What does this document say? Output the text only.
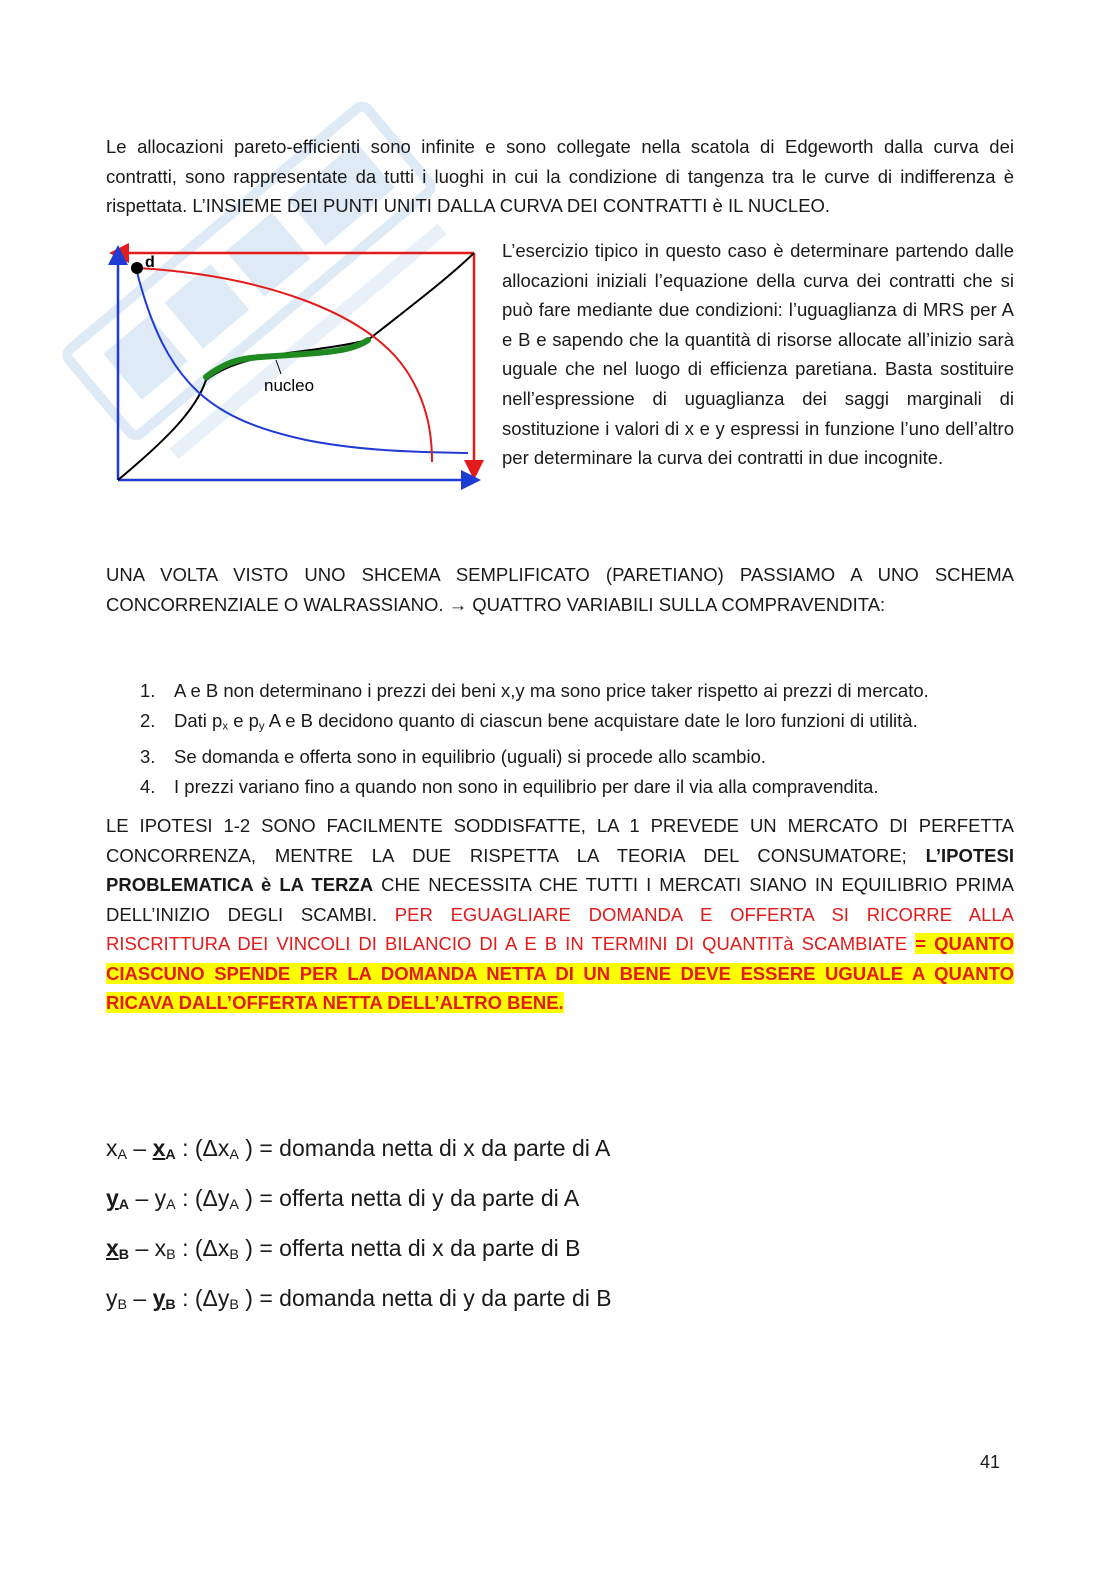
Le allocazioni pareto-efficienti sono infinite e sono collegate nella scatola di Edgeworth dalla curva dei contratti, sono rappresentate da tutti i luoghi in cui la condizione di tangenza tra le curve di indifferenza è rispettata. L’INSIEME DEI PUNTI UNITI DALLA CURVA DEI CONTRATTI è IL NUCLEO.

d
nucleo

L’esercizio tipico in questo caso è determinare partendo dalle allocazioni iniziali l’equazione della curva dei contratti che si può fare mediante due condizioni: l’uguaglianza di MRS per A e B e sapendo che la quantità di risorse allocate all’inizio sarà uguale che nel luogo di efficienza paretiana. Basta sostituire nell’espressione di uguaglianza dei saggi marginali di sostituzione i valori di x e y espressi in funzione l’uno dell’altro per determinare la curva dei contratti in due incognite.

UNA VOLTA VISTO UNO SHCEMA SEMPLIFICATO (PARETIANO) PASSIAMO A UNO SCHEMA CONCORRENZIALE O WALRASSIANO. → QUATTRO VARIABILI SULLA COMPRAVENDITA:

1. A e B non determinano i prezzi dei beni x,y ma sono price taker rispetto ai prezzi di mercato.
2. Dati $p_x$ e $p_y$ A e B decidono quanto di ciascun bene acquistare date le loro funzioni di utilità.
3. Se domanda e offerta sono in equilibrio (uguali) si procede allo scambio.
4. I prezzi variano fino a quando non sono in equilibrio per dare il via alla compravendita.

LE IPOTESI 1-2 SONO FACILMENTE SODDISFATTE, LA 1 PREVEDE UN MERCATO DI PERFETTA CONCORRENZA, MENTRE LA DUE RISPETTA LA TEORIA DEL CONSUMATORE; L’IPOTESI PROBLEMATICA è LA TERZA CHE NECESSITA CHE TUTTI I MERCATI SIANO IN EQUILIBRIO PRIMA DELL’INIZIO DEGLI SCAMBI. PER EGUAGLIARE DOMANDA E OFFERTA SI RICORRE ALLA RISCRITTURA DEI VINCOLI DI BILANCIO DI A E B IN TERMINI DI QUANTITà SCAMBIATE = QUANTO CIASCUNO SPENDE PER LA DOMANDA NETTA DI UN BENE DEVE ESSERE UGUALE A QUANTO RICAVA DALL’OFFERTA NETTA DELL’ALTRO BENE.

$x_A - x_A$ : ($\Delta x_A$ ) = domanda netta di x da parte di A
$y_A - y_A$ : ($\Delta y_A$ ) = offerta netta di y da parte di A
$x_B - x_B$ : ($\Delta x_B$ ) = offerta netta di x da parte di B
$y_B - y_B$ : ($\Delta y_B$ ) = domanda netta di y da parte di B
41
